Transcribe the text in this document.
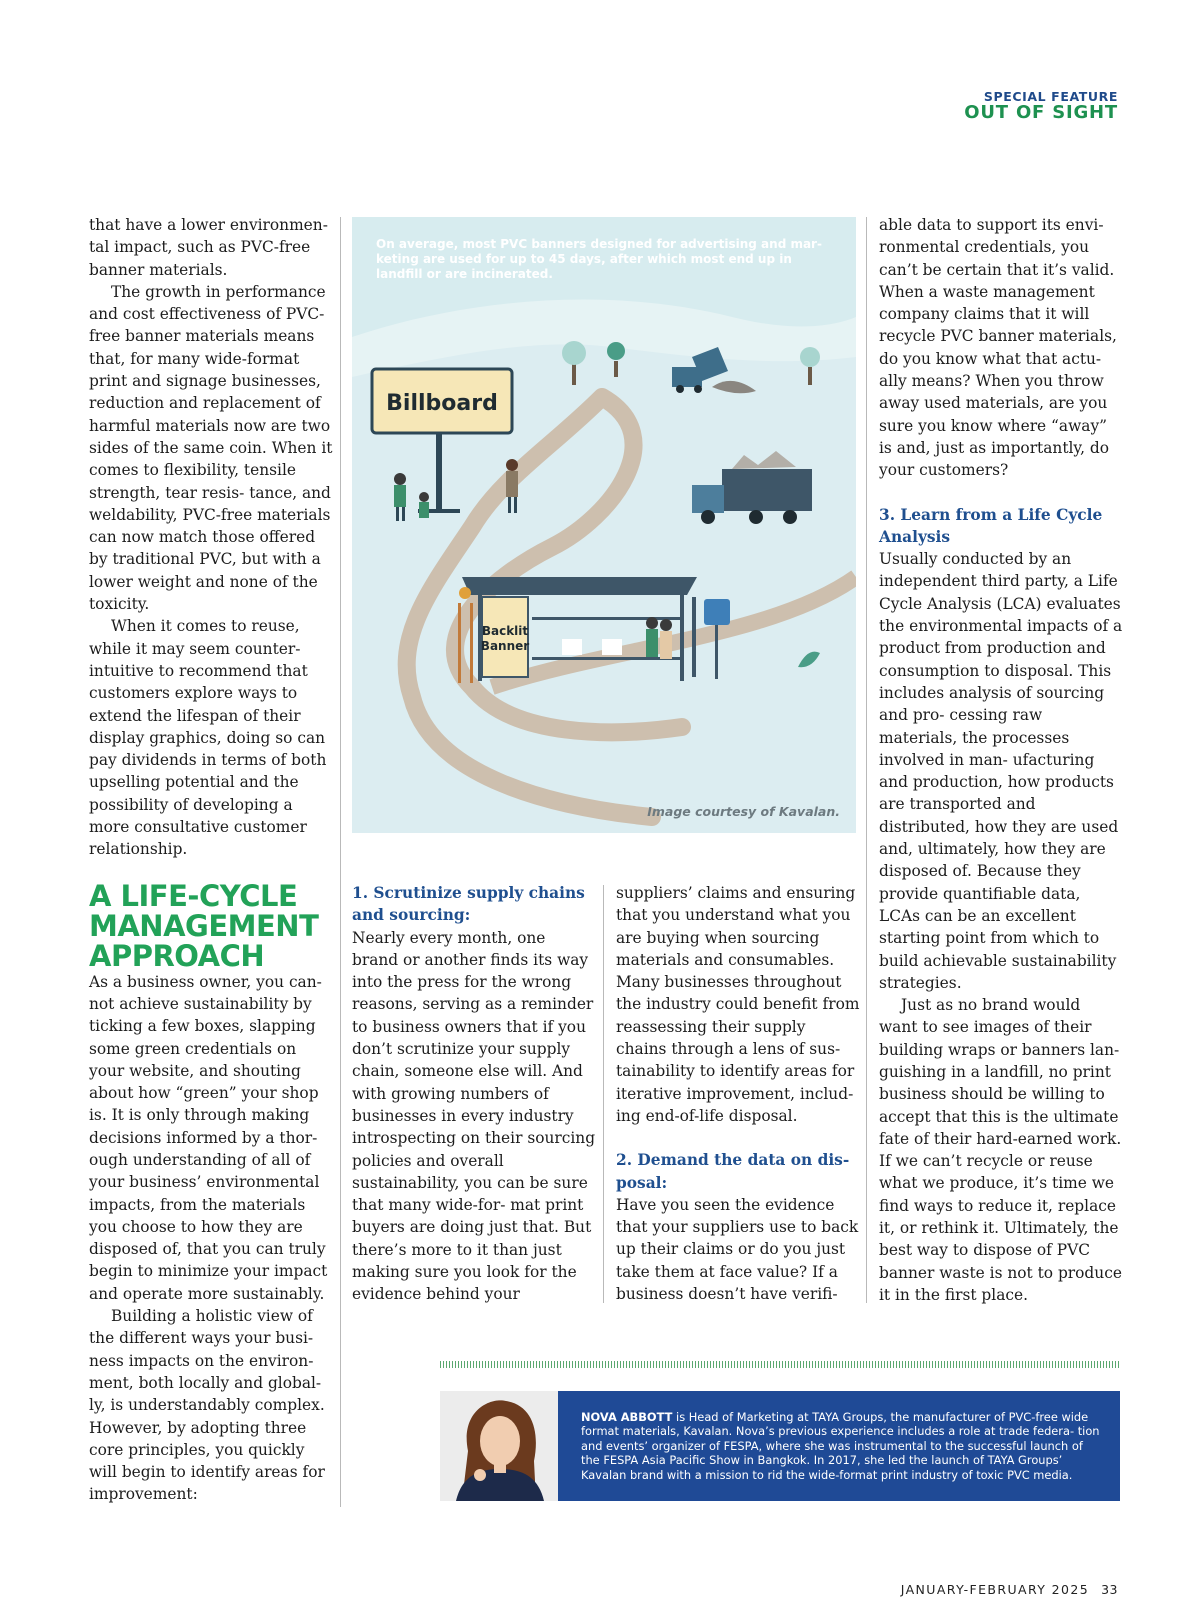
SPECIAL FEATURE
OUT OF SIGHT

that have a lower environmen- tal impact, such as PVC-free banner materials.

The growth in performance and cost effectiveness of PVC-free banner materials means that, for many wide-format print and signage businesses, reduction and replacement of harmful materials now are two sides of the same coin. When it comes to flexibility, tensile strength, tear resis- tance, and weldability, PVC-free materials can now match those offered by traditional PVC, but with a lower weight and none of the toxicity.

When it comes to reuse, while it may seem counter-intuitive to recommend that customers explore ways to extend the lifespan of their display graphics, doing so can pay dividends in terms of both upselling potential and the possibility of developing a more consultative customer relationship.

A LIFE-CYCLE MANAGEMENT APPROACH

As a business owner, you can- not achieve sustainability by ticking a few boxes, slapping some green credentials on your website, and shouting about how “green” your shop is. It is only through making decisions informed by a thor- ough understanding of all of your business’ environmental impacts, from the materials you choose to how they are disposed of, that you can truly begin to minimize your impact and operate more sustainably.

Building a holistic view of the different ways your busi- ness impacts on the environ- ment, both locally and global- ly, is understandably complex. However, by adopting three core principles, you quickly will begin to identify areas for improvement:

Billboard
Backlit
Banner
On average, most PVC banners designed for advertising and mar- keting are used for up to 45 days, after which most end up in landfill or are incinerated.
Image courtesy of Kavalan.

1. Scrutinize supply chains and sourcing:

Nearly every month, one brand or another finds its way into the press for the wrong reasons, serving as a reminder to business owners that if you don’t scrutinize your supply chain, someone else will. And with growing numbers of businesses in every industry introspecting on their sourcing policies and overall sustainability, you can be sure that many wide-for- mat print buyers are doing just that. But there’s more to it than just making sure you look for the evidence behind your

suppliers’ claims and ensuring that you understand what you are buying when sourcing materials and consumables. Many businesses throughout the industry could benefit from reassessing their supply chains through a lens of sus- tainability to identify areas for iterative improvement, includ- ing end-of-life disposal.

2. Demand the data on dis- posal:

Have you seen the evidence that your suppliers use to back up their claims or do you just take them at face value? If a business doesn’t have verifi-

able data to support its envi- ronmental credentials, you can’t be certain that it’s valid. When a waste management company claims that it will recycle PVC banner materials, do you know what that actu- ally means? When you throw away used materials, are you sure you know where “away” is and, just as importantly, do your customers?

3. Learn from a Life Cycle Analysis

Usually conducted by an independent third party, a Life Cycle Analysis (LCA) evaluates the environmental impacts of a product from production and consumption to disposal. This includes analysis of sourcing and pro- cessing raw materials, the processes involved in man- ufacturing and production, how products are transported and distributed, how they are used and, ultimately, how they are disposed of. Because they provide quantifiable data, LCAs can be an excellent starting point from which to build achievable sustainability strategies.

Just as no brand would want to see images of their building wraps or banners lan- guishing in a landfill, no print business should be willing to accept that this is the ultimate fate of their hard-earned work. If we can’t recycle or reuse what we produce, it’s time we find ways to reduce it, replace it, or rethink it. Ultimately, the best way to dispose of PVC banner waste is not to produce it in the first place.

NOVA ABBOTT is Head of Marketing at TAYA Groups, the manufacturer of PVC-free wide format materials, Kavalan. Nova’s previous experience includes a role at trade federa- tion and events’ organizer of FESPA, where she was instrumental to the successful launch of the FESPA Asia Pacific Show in Bangkok. In 2017, she led the launch of TAYA Groups’ Kavalan brand with a mission to rid the wide-format print industry of toxic PVC media.
JANUARY-FEBRUARY 2025 33
